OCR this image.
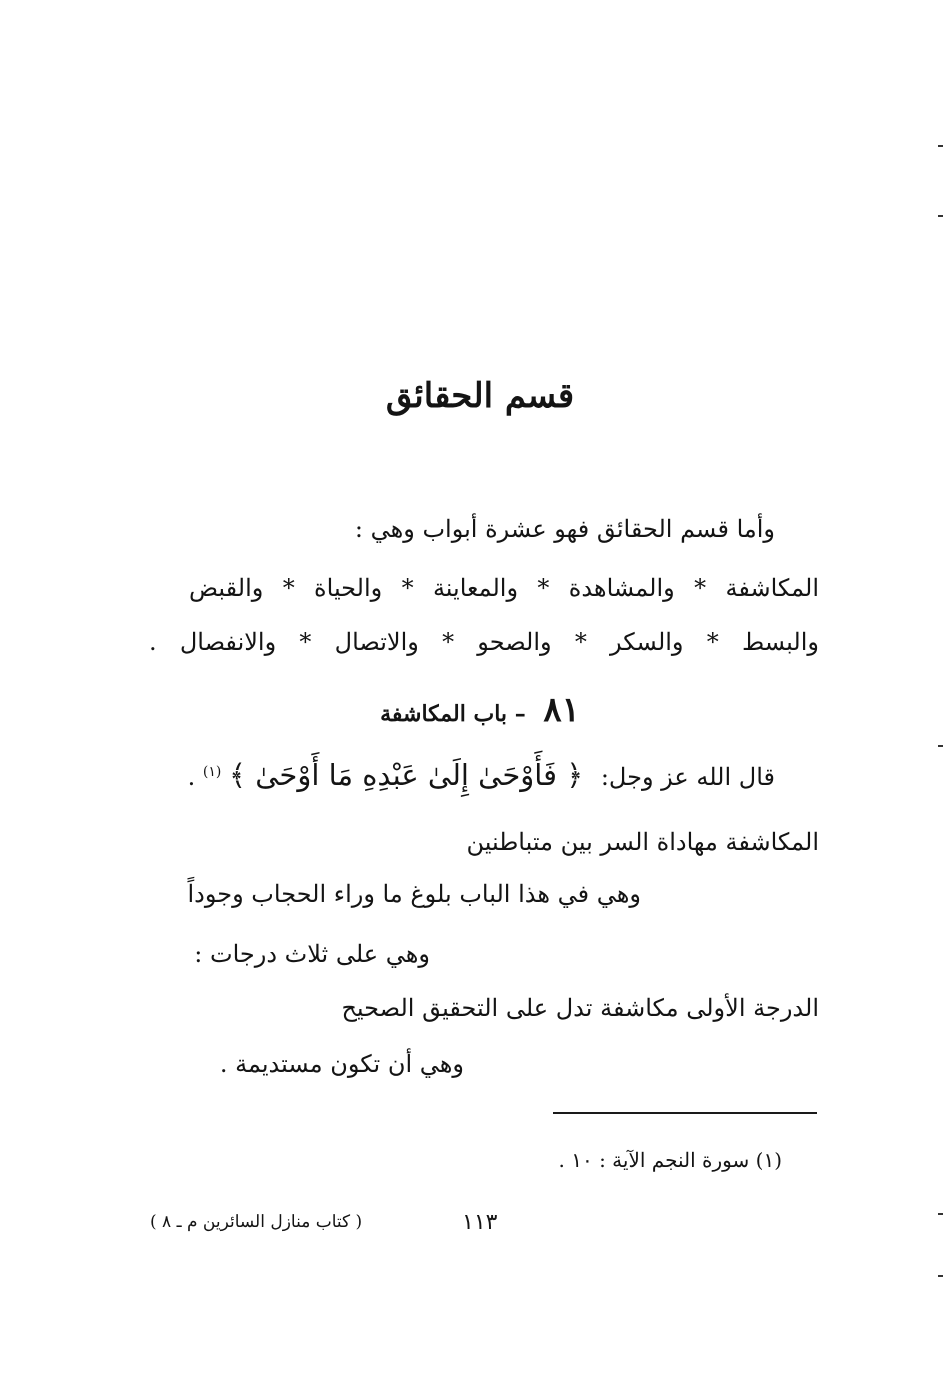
قسم الحقائق
وأما قسم الحقائق فهو عشرة أبواب وهي :
المكاشفة * والمشاهدة * والمعاينة * والحياة * والقبض
والبسط * والسكر * والصحو * والاتصال * والانفصال .
٨١ – باب المكاشفة
قال الله عز وجل: ﴿ فَأَوْحَىٰ إِلَىٰ عَبْدِهِ مَا أَوْحَىٰ ﴾ $^{(١)}$ .
المكاشفة مهاداة السر بين متباطنين
وهي في هذا الباب بلوغ ما وراء الحجاب وجوداً
وهي على ثلاث درجات :
الدرجة الأولى مكاشفة تدل على التحقيق الصحيح
وهي أن تكون مستديمة .
(١) سورة النجم الآية : ١٠ .
١١٣
( كتاب منازل السائرين م ـ ٨ )
